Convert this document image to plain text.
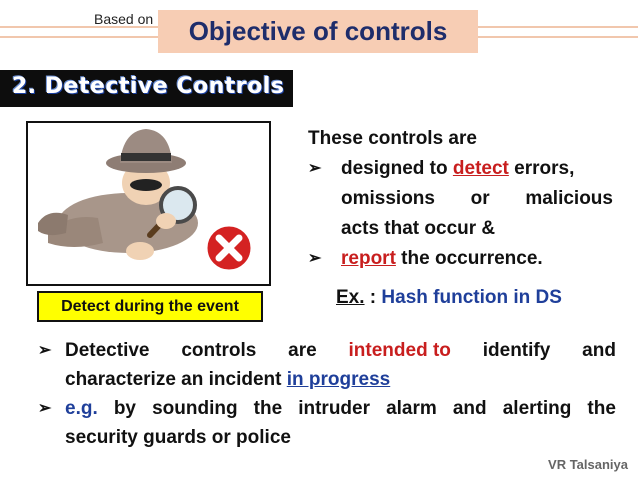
Based on Objective of controls
2. Detective Controls
Detect during the event
These controls are
➢ designed to detect errors,
omissions or malicious
acts that occur &
➢ report the occurrence.
Ex. : Hash function in DS
➢ Detective controls are intended to identify and
characterize an incident in progress
➢ e.g. by sounding the intruder alarm and alerting the
security guards or police
VR Talsaniya
